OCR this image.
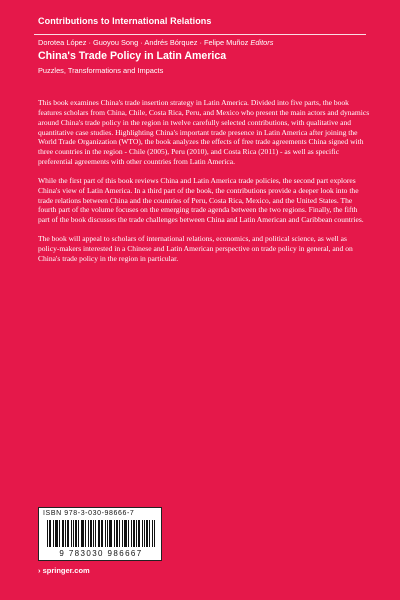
Contributions to International Relations
Dorotea López · Guoyou Song · Andrés Bórquez · Felipe Muñoz Editors
China's Trade Policy in Latin America
Puzzles, Transformations and Impacts

This book examines China's trade insertion strategy in Latin America. Divided into five parts, the book features scholars from China, Chile, Costa Rica, Peru, and Mexico who present the main actors and dynamics around China's trade policy in the region in twelve carefully selected contributions, with qualitative and quantitative case studies. Highlighting China's important trade presence in Latin America after joining the World Trade Organization (WTO), the book analyzes the effects of free trade agreements China signed with three countries in the region - Chile (2005), Peru (2010), and Costa Rica (2011) - as well as specific preferential agreements with other countries from Latin America.

While the first part of this book reviews China and Latin America trade policies, the second part explores China's view of Latin America. In a third part of the book, the contributions provide a deeper look into the trade relations between China and the countries of Peru, Costa Rica, Mexico, and the United States. The fourth part of the volume focuses on the emerging trade agenda between the two regions. Finally, the fifth part of the book discusses the trade challenges between China and Latin American and Caribbean countries.

The book will appeal to scholars of international relations, economics, and political science, as well as policy-makers interested in a Chinese and Latin American perspective on trade policy in general, and on China's trade policy in the region in particular.

ISBN 978-3-030-98666-7
9 783030 986667
› springer.com
